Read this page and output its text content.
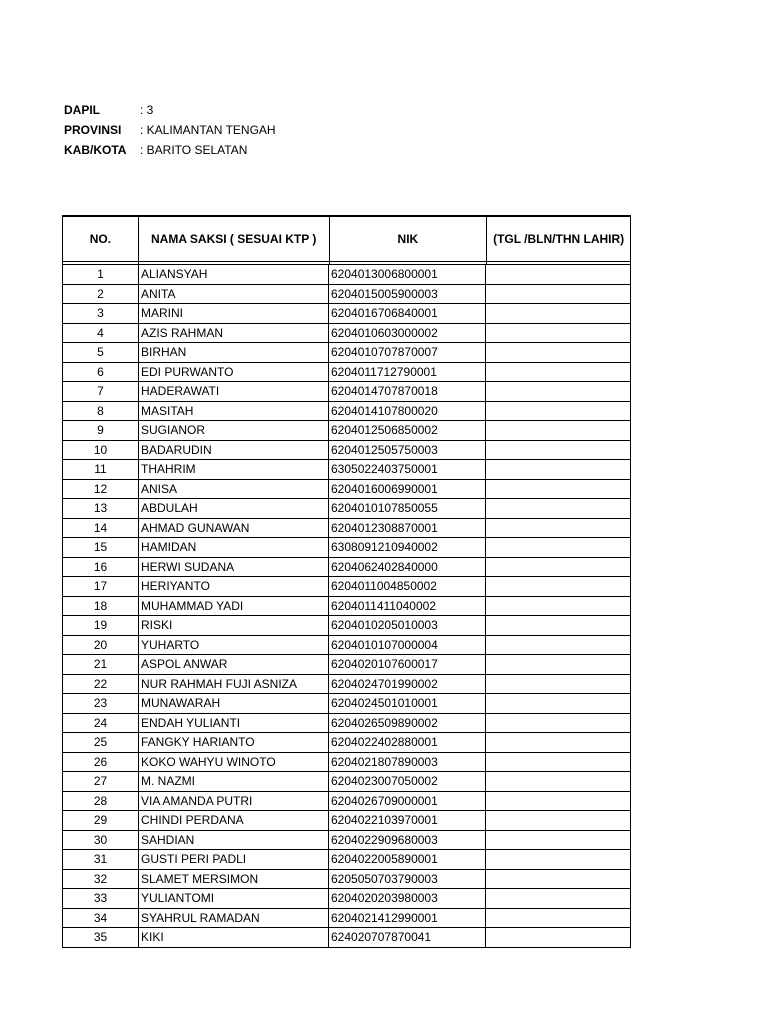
DAPIL	: 3
PROVINSI	: KALIMANTAN TENGAH
KAB/KOTA	: BARITO SELATAN
NO.	NAMA SAKSI ( SESUAI KTP )	NIK	(TGL /BLN/THN LAHIR)
1	ALIANSYAH	6204013006800001
2	ANITA	6204015005900003
3	MARINI	6204016706840001
4	AZIS RAHMAN	6204010603000002
5	BIRHAN	6204010707870007
6	EDI PURWANTO	6204011712790001
7	HADERAWATI	6204014707870018
8	MASITAH	6204014107800020
9	SUGIANOR	6204012506850002
10	BADARUDIN	6204012505750003
11	THAHRIM	6305022403750001
12	ANISA	6204016006990001
13	ABDULAH	6204010107850055
14	AHMAD GUNAWAN	6204012308870001
15	HAMIDAN	6308091210940002
16	HERWI SUDANA	6204062402840000
17	HERIYANTO	6204011004850002
18	MUHAMMAD YADI	6204011411040002
19	RISKI	6204010205010003
20	YUHARTO	6204010107000004
21	ASPOL ANWAR	6204020107600017
22	NUR RAHMAH FUJI ASNIZA	6204024701990002
23	MUNAWARAH	6204024501010001
24	ENDAH YULIANTI	6204026509890002
25	FANGKY HARIANTO	6204022402880001
26	KOKO WAHYU WINOTO	6204021807890003
27	M. NAZMI	6204023007050002
28	VIA AMANDA PUTRI	6204026709000001
29	CHINDI PERDANA	6204022103970001
30	SAHDIAN	6204022909680003
31	GUSTI PERI PADLI	6204022005890001
32	SLAMET MERSIMON	6205050703790003
33	YULIANTOMI	6204020203980003
34	SYAHRUL RAMADAN	6204021412990001
35	KIKI	624020707870041
